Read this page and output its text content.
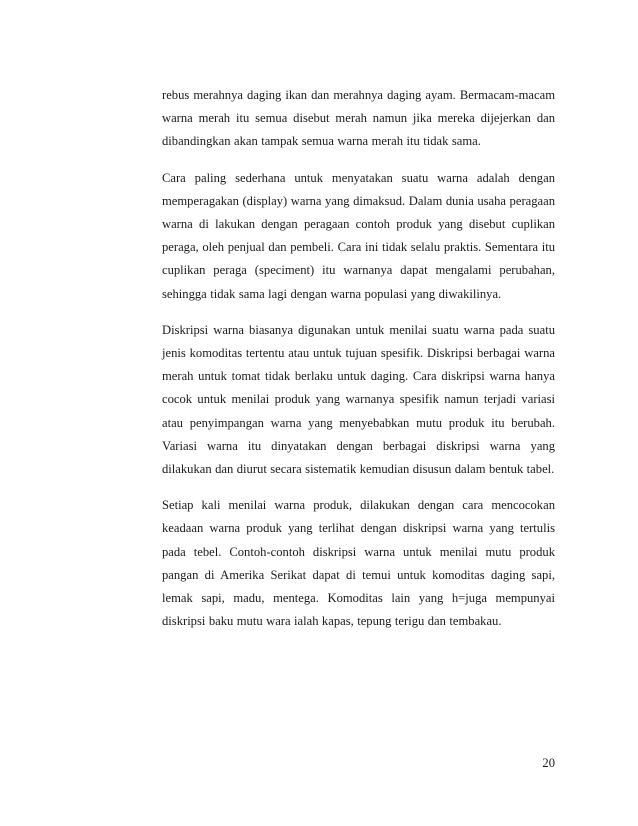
rebus merahnya daging ikan dan merahnya daging ayam. Bermacam-macam warna merah itu semua disebut merah namun jika mereka dijejerkan dan dibandingkan akan tampak semua warna merah itu tidak sama.

Cara paling sederhana untuk menyatakan suatu warna adalah dengan memperagakan (display) warna yang dimaksud. Dalam dunia usaha peragaan warna di lakukan dengan peragaan contoh produk yang disebut cuplikan peraga, oleh penjual dan pembeli. Cara ini tidak selalu praktis. Sementara itu cuplikan peraga (speciment) itu warnanya dapat mengalami perubahan, sehingga tidak sama lagi dengan warna populasi yang diwakilinya.

Diskripsi warna biasanya digunakan untuk menilai suatu warna pada suatu jenis komoditas tertentu atau untuk tujuan spesifik. Diskripsi berbagai warna merah untuk tomat tidak berlaku untuk daging. Cara diskripsi warna hanya cocok untuk menilai produk yang warnanya spesifik namun terjadi variasi atau penyimpangan warna yang menyebabkan mutu produk itu berubah. Variasi warna itu dinyatakan dengan berbagai diskripsi warna yang dilakukan dan diurut secara sistematik kemudian disusun dalam bentuk tabel.

Setiap kali menilai warna produk, dilakukan dengan cara mencocokan keadaan warna produk yang terlihat dengan diskripsi warna yang tertulis pada tebel. Contoh-contoh diskripsi warna untuk menilai mutu produk pangan di Amerika Serikat dapat di temui untuk komoditas daging sapi, lemak sapi, madu, mentega. Komoditas lain yang h=juga mempunyai diskripsi baku mutu wara ialah kapas, tepung terigu dan tembakau.

20
